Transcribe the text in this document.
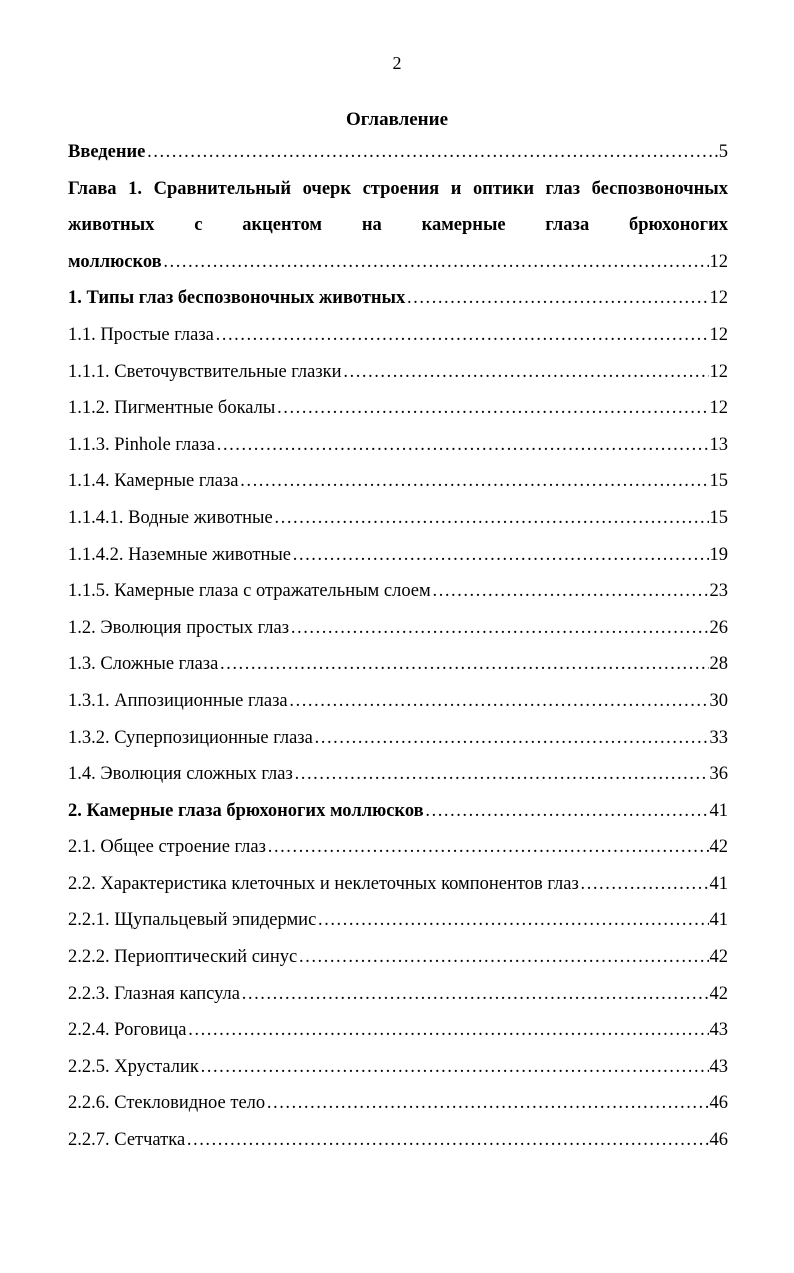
2
Оглавление
Введение ……………………………………………………………………………………………………………………………………………………………………………………	.5
Глава 1. Сравнительный очерк строения и оптики глаз беспозвоночных
животных с акцентом на камерные глаза брюхоногих
моллюсков ……………………………………………………………………………………………………………………………………………………………………………………	12
1. Типы глаз беспозвоночных животных ……………………………………………………………………………………………………………………………………………………………………………………	12
1.1. Простые глаза ……………………………………………………………………………………………………………………………………………………………………………………	12
1.1.1. Светочувствительные глазки ……………………………………………………………………………………………………………………………………………………………………………………	12
1.1.2. Пигментные бокалы ……………………………………………………………………………………………………………………………………………………………………………………	12
1.1.3. Pinhole глаза ……………………………………………………………………………………………………………………………………………………………………………………	13
1.1.4. Камерные глаза ……………………………………………………………………………………………………………………………………………………………………………………	15
1.1.4.1. Водные животные ……………………………………………………………………………………………………………………………………………………………………………………	15
1.1.4.2. Наземные животные ……………………………………………………………………………………………………………………………………………………………………………………	19
1.1.5. Камерные глаза с отражательным слоем ……………………………………………………………………………………………………………………………………………………………………………………	23
1.2. Эволюция простых глаз ……………………………………………………………………………………………………………………………………………………………………………………	26
1.3. Сложные глаза ……………………………………………………………………………………………………………………………………………………………………………………	28
1.3.1. Аппозиционные глаза ……………………………………………………………………………………………………………………………………………………………………………………	30
1.3.2. Суперпозиционные глаза ……………………………………………………………………………………………………………………………………………………………………………………	33
1.4. Эволюция сложных глаз ……………………………………………………………………………………………………………………………………………………………………………………	36
2. Камерные глаза брюхоногих моллюсков ……………………………………………………………………………………………………………………………………………………………………………………	41
2.1. Общее строение глаз ……………………………………………………………………………………………………………………………………………………………………………………	42
2.2. Характеристика клеточных и неклеточных компонентов глаз ……………………………………………………………………………………………………………………………………………………………………………………	41
2.2.1. Щупальцевый эпидермис ……………………………………………………………………………………………………………………………………………………………………………………	41
2.2.2. Периоптический синус ……………………………………………………………………………………………………………………………………………………………………………………	42
2.2.3. Глазная капсула ……………………………………………………………………………………………………………………………………………………………………………………	42
2.2.4. Роговица ……………………………………………………………………………………………………………………………………………………………………………………	43
2.2.5. Хрусталик ……………………………………………………………………………………………………………………………………………………………………………………	43
2.2.6. Стекловидное тело ……………………………………………………………………………………………………………………………………………………………………………………	46
2.2.7. Сетчатка ……………………………………………………………………………………………………………………………………………………………………………………	46
